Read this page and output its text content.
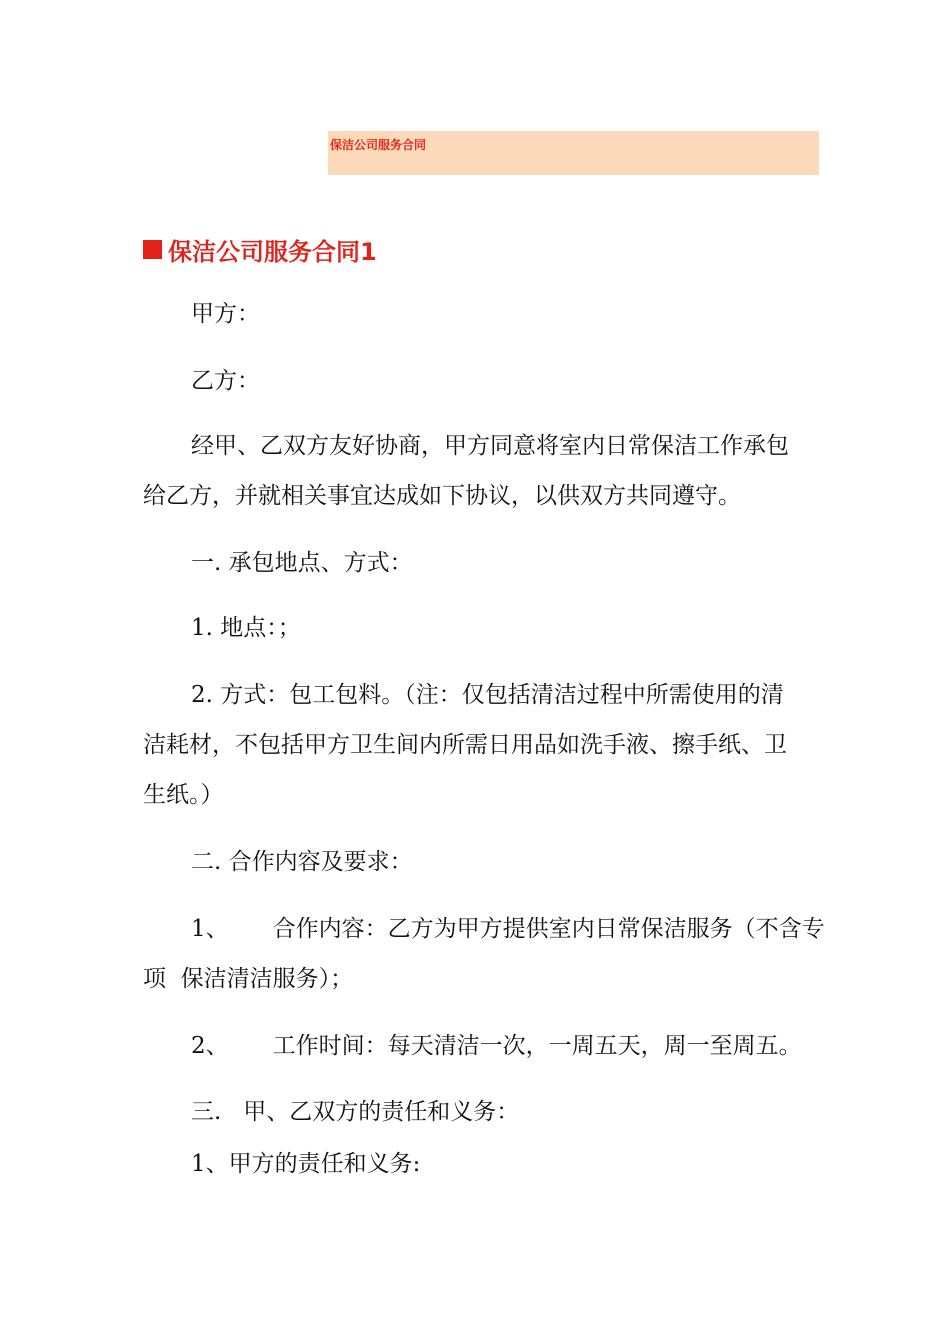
保洁公司服务合同
保洁公司服务合同1
甲方：
乙方：
经甲、乙双方友好协商，甲方同意将室内日常保洁工作承包
给乙方，并就相关事宜达成如下协议，以供双方共同遵守。
一. 承包地点、方式：
1. 地点：；
2. 方式：包工包料。（注：仅包括清洁过程中所需使用的清
洁耗材，不包括甲方卫生间内所需日用品如洗手液、擦手纸、卫
生纸。）
二. 合作内容及要求：
1、 合作内容：乙方为甲方提供室内日常保洁服务（不含专
项  保洁清洁服务）；
2、 工作时间：每天清洁一次，一周五天，周一至周五。
三.   甲、乙双方的责任和义务：
1、甲方的责任和义务:
